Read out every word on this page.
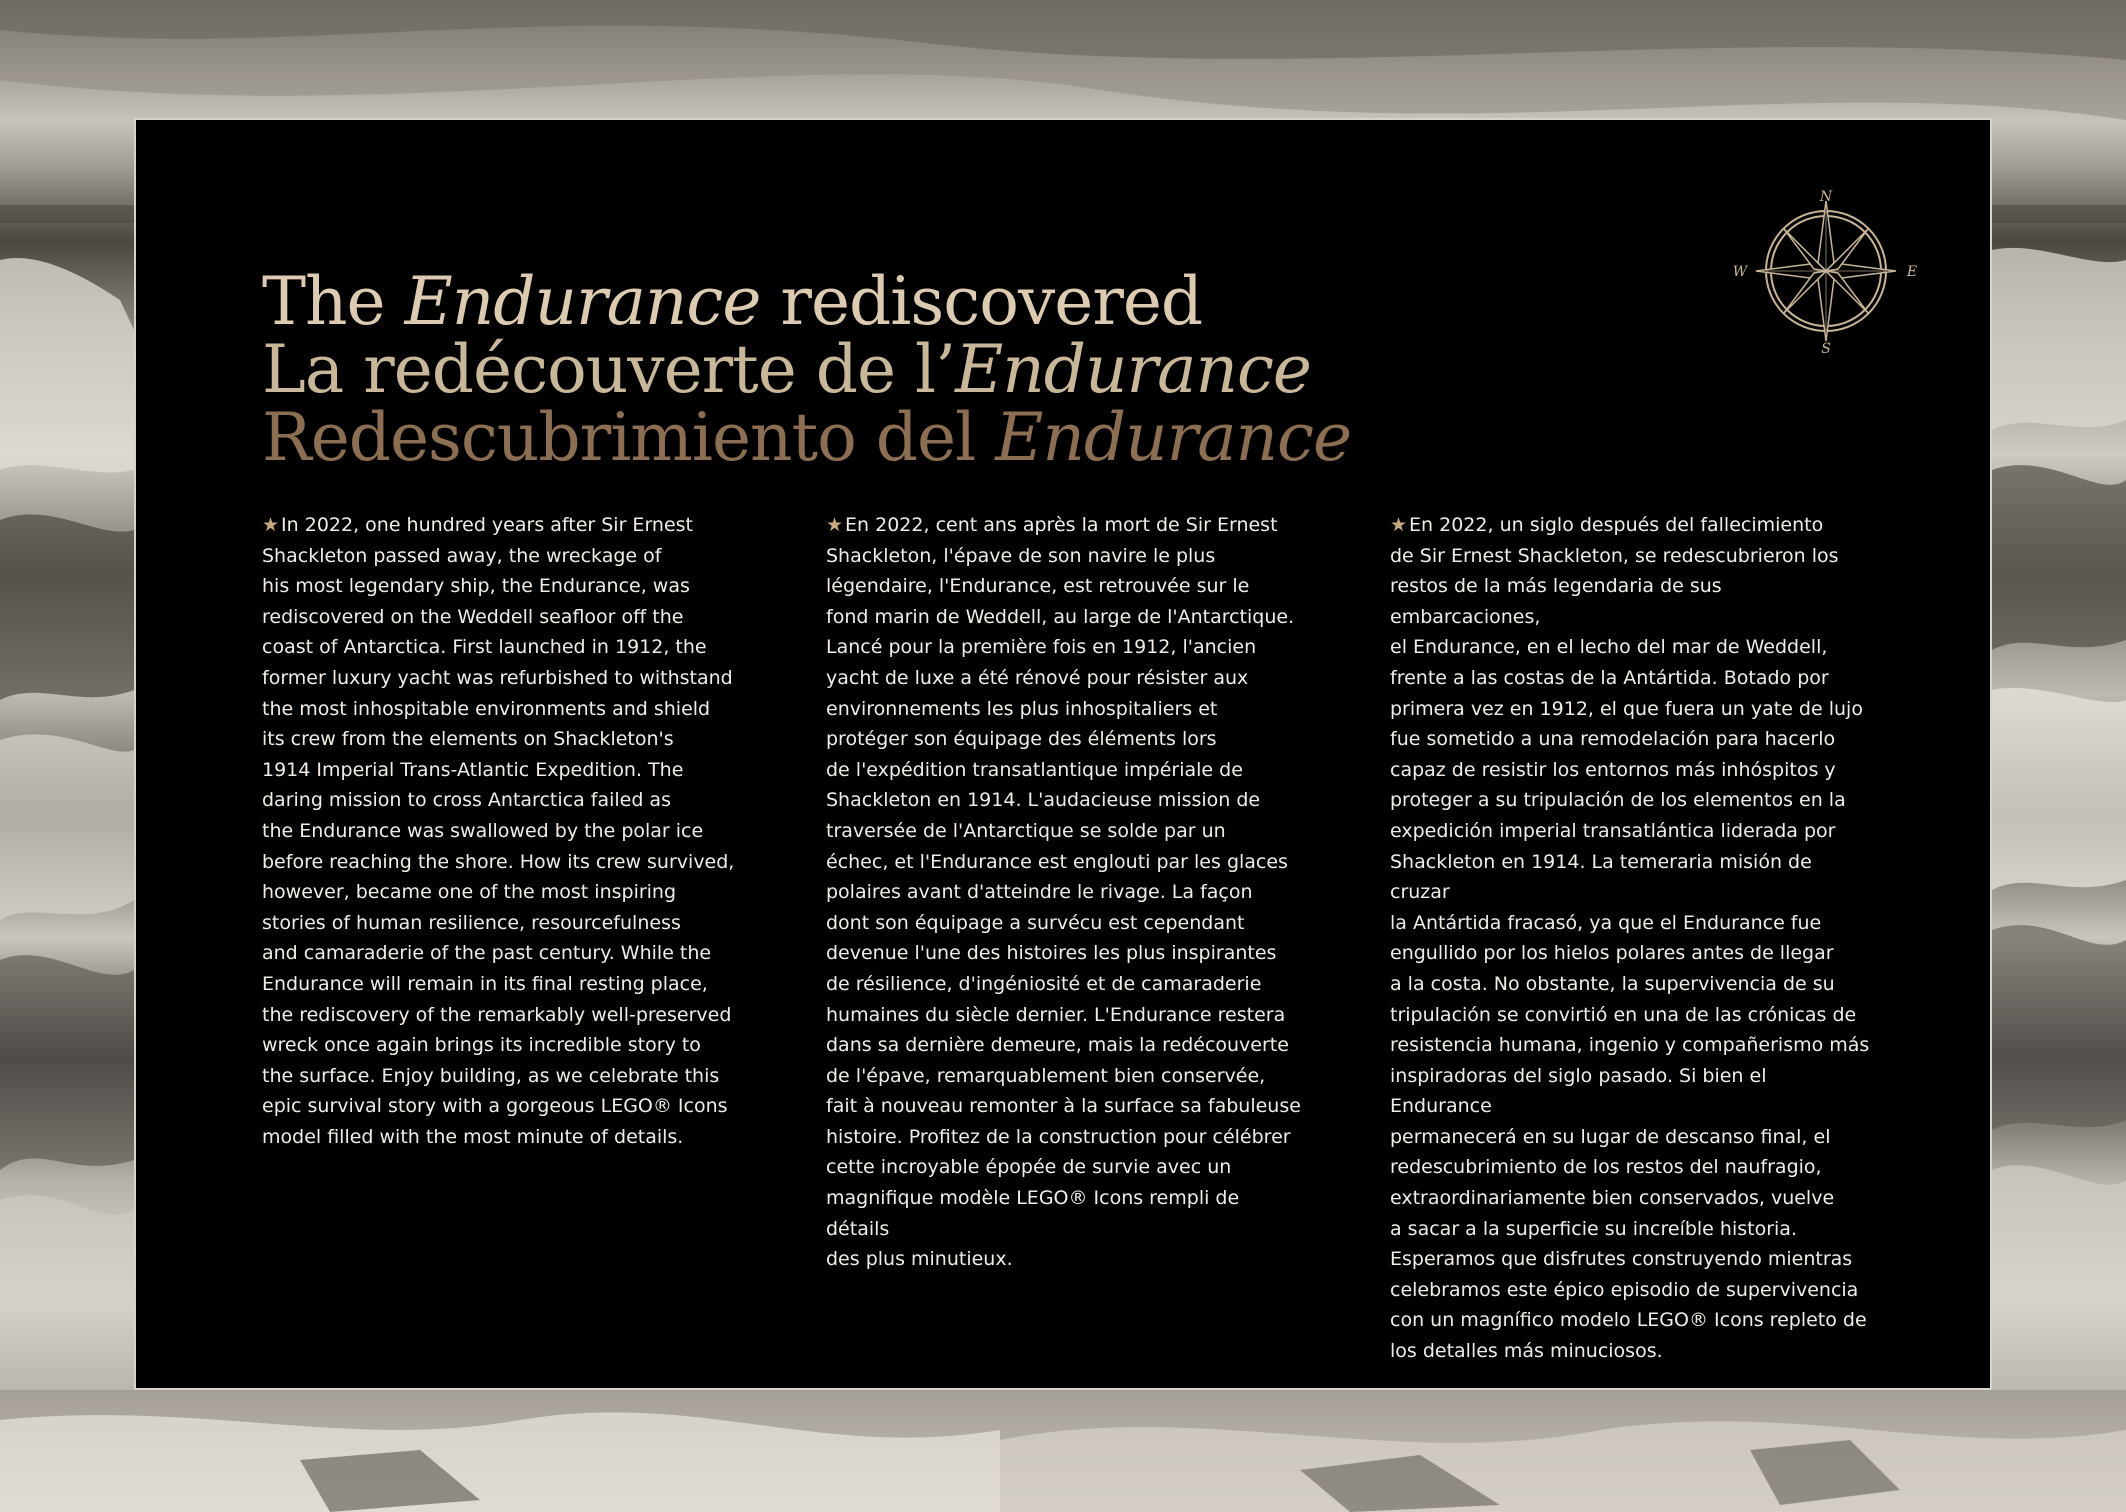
N
S
W	E
The Endurance rediscovered
La redécouverte de l’Endurance
Redescubrimiento del Endurance

★ In 2022, one hundred years after Sir Ernest
Shackleton passed away, the wreckage of
his most legendary ship, the Endurance, was
rediscovered on the Weddell seafloor off the
coast of Antarctica. First launched in 1912, the
former luxury yacht was refurbished to withstand
the most inhospitable environments and shield
its crew from the elements on Shackleton's
1914 Imperial Trans-Atlantic Expedition. The
daring mission to cross Antarctica failed as
the Endurance was swallowed by the polar ice
before reaching the shore. How its crew survived,
however, became one of the most inspiring
stories of human resilience, resourcefulness
and camaraderie of the past century. While the
Endurance will remain in its final resting place,
the rediscovery of the remarkably well-preserved
wreck once again brings its incredible story to
the surface. Enjoy building, as we celebrate this
epic survival story with a gorgeous LEGO® Icons
model filled with the most minute of details.

★ En 2022, cent ans après la mort de Sir Ernest
Shackleton, l'épave de son navire le plus
légendaire, l'Endurance, est retrouvée sur le
fond marin de Weddell, au large de l'Antarctique.
Lancé pour la première fois en 1912, l'ancien
yacht de luxe a été rénové pour résister aux
environnements les plus inhospitaliers et
protéger son équipage des éléments lors
de l'expédition transatlantique impériale de
Shackleton en 1914. L'audacieuse mission de
traversée de l'Antarctique se solde par un
échec, et l'Endurance est englouti par les glaces
polaires avant d'atteindre le rivage. La façon
dont son équipage a survécu est cependant
devenue l'une des histoires les plus inspirantes
de résilience, d'ingéniosité et de camaraderie
humaines du siècle dernier. L'Endurance restera
dans sa dernière demeure, mais la redécouverte
de l'épave, remarquablement bien conservée,
fait à nouveau remonter à la surface sa fabuleuse
histoire. Profitez de la construction pour célébrer
cette incroyable épopée de survie avec un
magnifique modèle LEGO® Icons rempli de détails
des plus minutieux.

★ En 2022, un siglo después del fallecimiento
de Sir Ernest Shackleton, se redescubrieron los
restos de la más legendaria de sus embarcaciones,
el Endurance, en el lecho del mar de Weddell,
frente a las costas de la Antártida. Botado por
primera vez en 1912, el que fuera un yate de lujo
fue sometido a una remodelación para hacerlo
capaz de resistir los entornos más inhóspitos y
proteger a su tripulación de los elementos en la
expedición imperial transatlántica liderada por
Shackleton en 1914. La temeraria misión de cruzar
la Antártida fracasó, ya que el Endurance fue
engullido por los hielos polares antes de llegar
a la costa. No obstante, la supervivencia de su
tripulación se convirtió en una de las crónicas de
resistencia humana, ingenio y compañerismo más
inspiradoras del siglo pasado. Si bien el Endurance
permanecerá en su lugar de descanso final, el
redescubrimiento de los restos del naufragio,
extraordinariamente bien conservados, vuelve
a sacar a la superficie su increíble historia.
Esperamos que disfrutes construyendo mientras
celebramos este épico episodio de supervivencia
con un magnífico modelo LEGO® Icons repleto de
los detalles más minuciosos.
